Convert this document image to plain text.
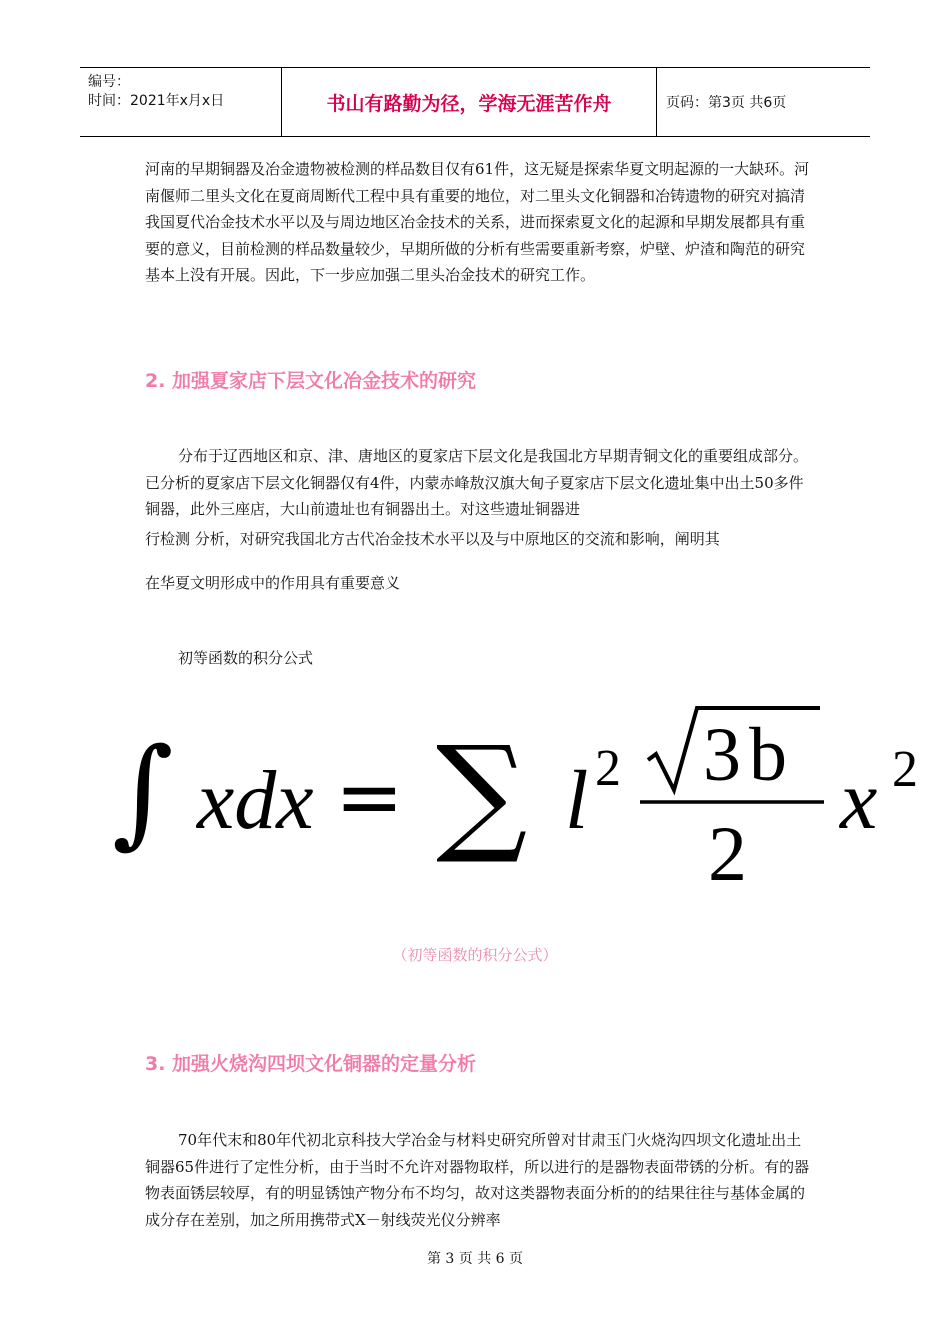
编号：
时间：2021年x月x日	书山有路勤为径，学海无涯苦作舟	页码：第3页 共6页
河南的早期铜器及冶金遗物被检测的样品数目仅有61件，这无疑是探索华夏文明起源的一大缺环。河南偃师二里头文化在夏商周断代工程中具有重要的地位，对二里头文化铜器和冶铸遗物的研究对搞清我国夏代冶金技术水平以及与周边地区冶金技术的关系，进而探索夏文化的起源和早期发展都具有重要的意义，目前检测的样品数量较少，早期所做的分析有些需要重新考察，炉壁、炉渣和陶范的研究基本上没有开展。因此，下一步应加强二里头冶金技术的研究工作。
2. 加强夏家店下层文化冶金技术的研究
分布于辽西地区和京、津、唐地区的夏家店下层文化是我国北方早期青铜文化的重要组成部分。已分析的夏家店下层文化铜器仅有4件，内蒙赤峰敖汉旗大甸子夏家店下层文化遗址集中出土50多件铜器，此外三座店，大山前遗址也有铜器出土。对这些遗址铜器进
行检测 分析，对研究我国北方古代冶金技术水平以及与中原地区的交流和影响，阐明其
在华夏文明形成中的作用具有重要意义
初等函数的积分公式
∫ xdx = ∑ l 2 3b
2
x 2
（初等函数的积分公式）
3. 加强火烧沟四坝文化铜器的定量分析
70年代末和80年代初北京科技大学冶金与材料史研究所曾对甘肃玉门火烧沟四坝文化遗址出土铜器65件进行了定性分析，由于当时不允许对器物取样，所以进行的是器物表面带锈的分析。有的器物表面锈层较厚，有的明显锈蚀产物分布不均匀，故对这类器物表面分析的的结果往往与基体金属的成分存在差别，加之所用携带式X－射线荧光仪分辨率
第 3 页 共 6 页
